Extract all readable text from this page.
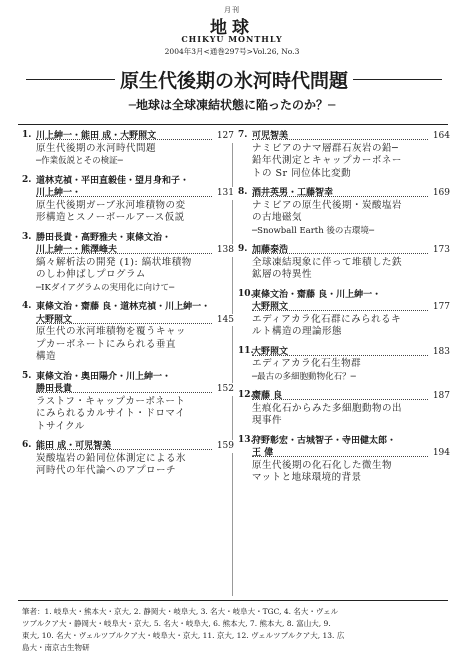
月刊
地球
CHIKYU MONTHLY
2004年3月<通巻297号>Vol.26, No.3
原生代後期の氷河時代問題
─地球は全球凍結状態に陥ったのか？─
1. 川上紳一・能田 成・大野照文	127
原生代後期の氷河時代問題
─作業仮説とその検証─
2. 道林克禎・平田直毅佳・望月身和子・
川上紳一・	131
原生代後期ガーブ氷河堆積物の変
形構造とスノーボールアース仮説
3. 勝田長貴・高野雅夫・東條文治・
川上紳一・熊澤峰夫	138
縞々解析法の開発 (1): 縞状堆積物
のしわ伸ばしプログラム
─IKダイアグラムの実用化に向けて─
4. 東條文治・齋藤 良・道林克禎・川上紳一・
大野照文	145
原生代の氷河堆積物を覆うキャッ
プカーボネートにみられる垂直
構造
5. 東條文治・奥田陽介・川上紳一・
勝田長貴	152
ラストフ・キャップカーボネート
にみられるカルサイト・ドロマイ
トサイクル
6. 能田 成・可児智美	159
炭酸塩岩の鉛同位体測定による氷
河時代の年代論へのアプローチ
7. 可児智美	164
ナミビアのナマ層群石灰岩の鉛─
鉛年代測定とキャップカーボネー
トの Sr 同位体比変動
8. 酒井英男・工藤智幸	169
ナミビアの原生代後期・炭酸塩岩
の古地磁気
─Snowball Earth 後の古環境─
9. 加藤泰浩	173
全球凍結現象に伴って堆積した鉄
鉱層の特異性
10.
東條文治・齋藤 良・川上紳一・
大野照文	177
エディアカラ化石群にみられるキ
ルト構造の理論形態
11.
大野照文	183
エディアカラ化石生物群
─最古の多細胞動物化石？─
12.
齋藤 良	187
生痕化石からみた多細胞動物の出
現事件
13.
狩野彰宏・古城智子・寺田健太郎・
王 偉	194
原生代後期の化石化した微生物
マットと地球環境的背景
筆者：1. 岐阜大・熊本大・京大, 2. 静岡大・岐阜大, 3. 名大・岐阜大・TGC, 4. 名大・ヴェル
ツブルクア大・静岡大・岐阜大・京大, 5. 名大・岐阜大, 6. 熊本大, 7. 熊本大, 8. 富山大, 9.
東大, 10. 名大・ヴェルツブルクア大・岐阜大・京大, 11. 京大, 12. ヴェルツブルクア大, 13. 広
島大・南京古生物研
